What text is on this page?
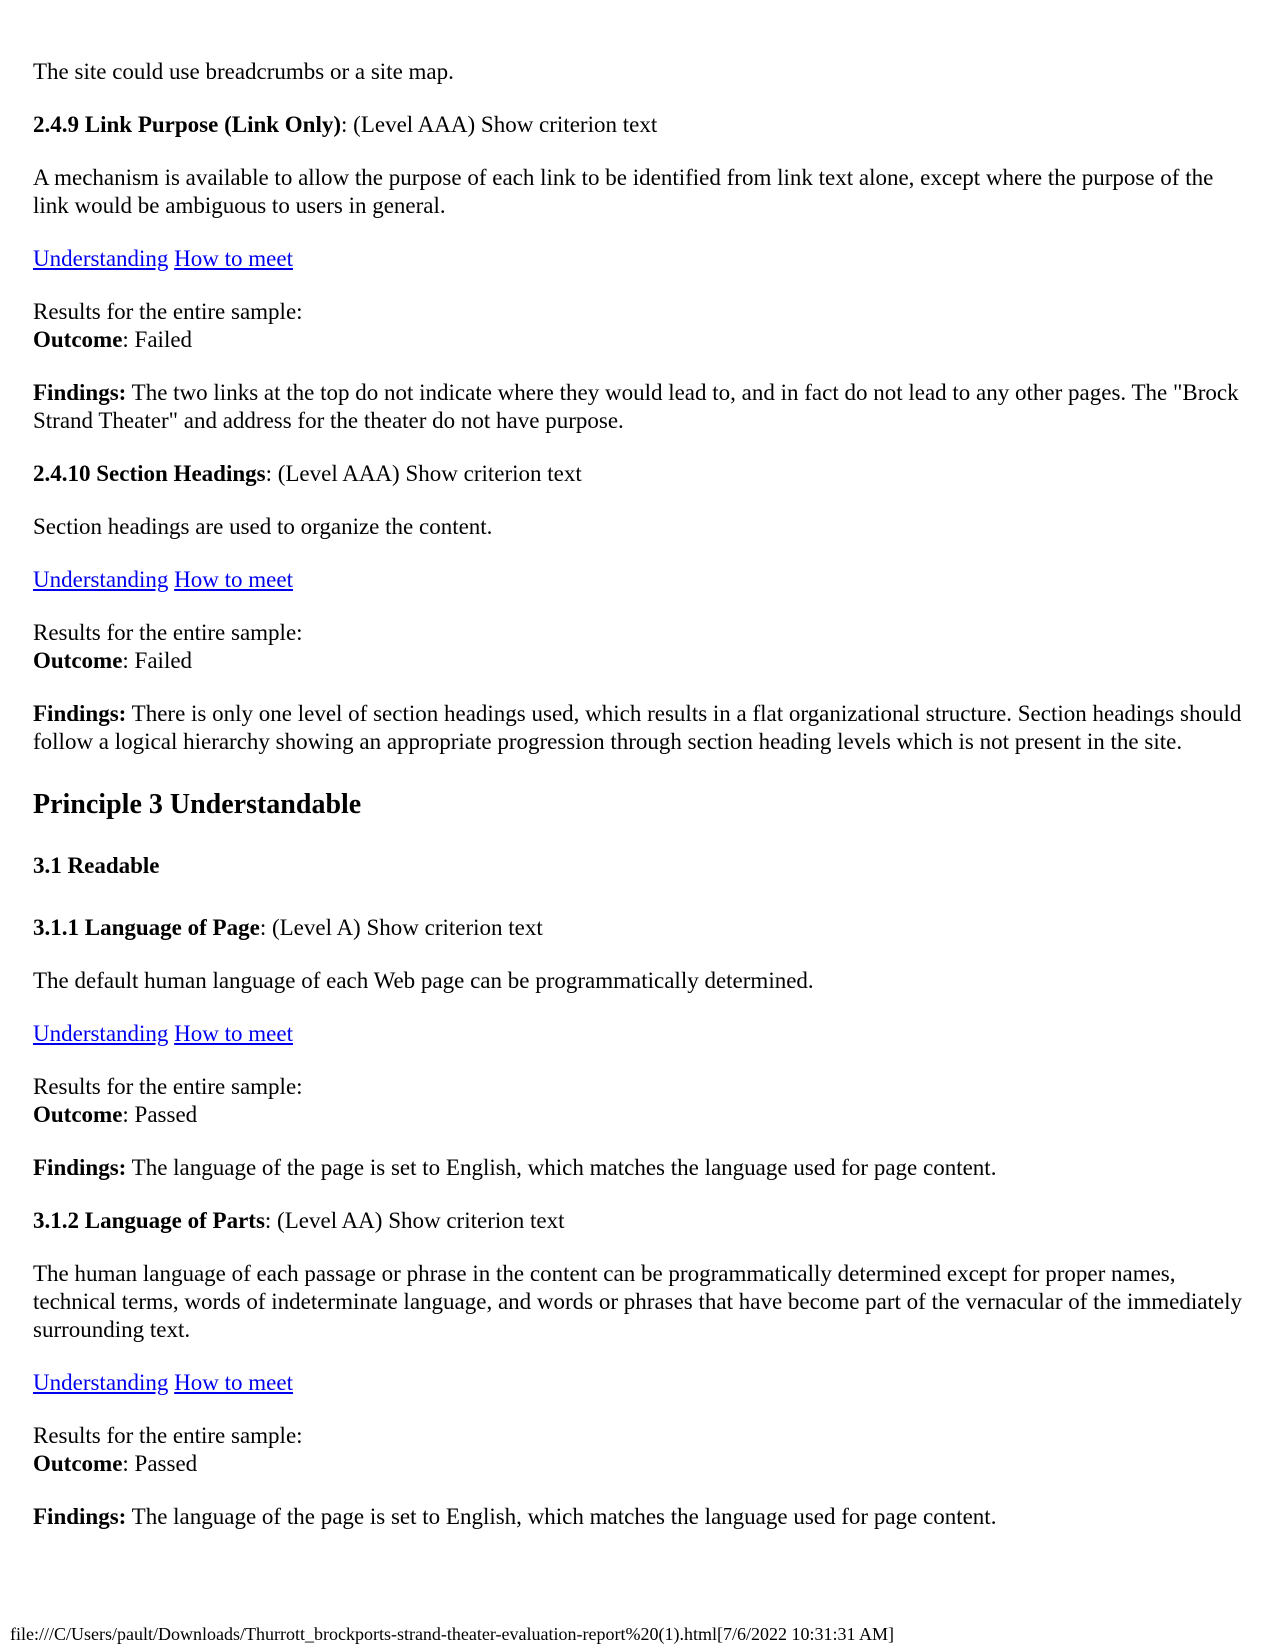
The site could use breadcrumbs or a site map.

2.4.9 Link Purpose (Link Only): (Level AAA) Show criterion text

A mechanism is available to allow the purpose of each link to be identified from link text alone, except where the purpose of the link would be ambiguous to users in general.

Understanding How to meet

Results for the entire sample:
Outcome: Failed

Findings: The two links at the top do not indicate where they would lead to, and in fact do not lead to any other pages. The "Brock Strand Theater" and address for the theater do not have purpose.

2.4.10 Section Headings: (Level AAA) Show criterion text

Section headings are used to organize the content.

Understanding How to meet

Results for the entire sample:
Outcome: Failed

Findings: There is only one level of section headings used, which results in a flat organizational structure. Section headings should follow a logical hierarchy showing an appropriate progression through section heading levels which is not present in the site.

Principle 3 Understandable
3.1 Readable

3.1.1 Language of Page: (Level A) Show criterion text

The default human language of each Web page can be programmatically determined.

Understanding How to meet

Results for the entire sample:
Outcome: Passed

Findings: The language of the page is set to English, which matches the language used for page content.

3.1.2 Language of Parts: (Level AA) Show criterion text

The human language of each passage or phrase in the content can be programmatically determined except for proper names, technical terms, words of indeterminate language, and words or phrases that have become part of the vernacular of the immediately surrounding text.

Understanding How to meet

Results for the entire sample:
Outcome: Passed

Findings: The language of the page is set to English, which matches the language used for page content.

file:///C/Users/pault/Downloads/Thurrott_brockports-strand-theater-evaluation-report%20(1).html[7/6/2022 10:31:31 AM]
